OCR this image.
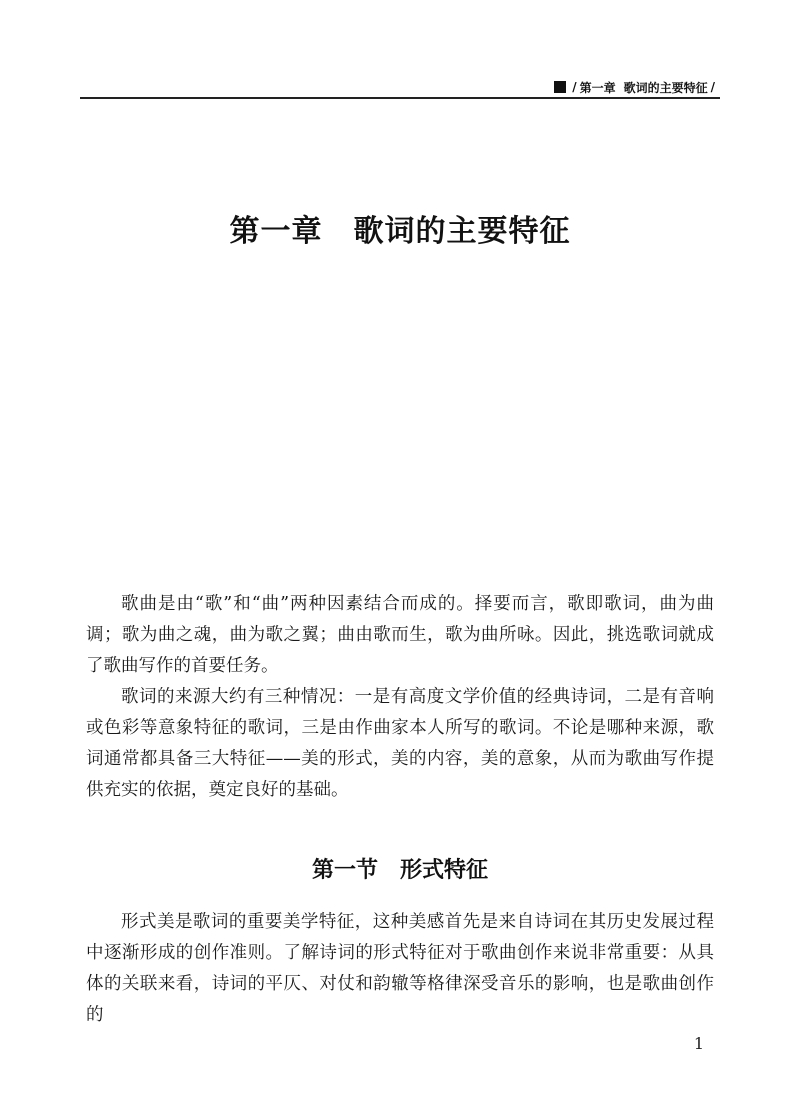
/ 第一章 歌词的主要特征 /
第一章　歌词的主要特征

歌曲是由“歌”和“曲”两种因素结合而成的。择要而言，歌即歌词，曲为曲调；歌为曲之魂，曲为歌之翼；曲由歌而生，歌为曲所咏。因此，挑选歌词就成了歌曲写作的首要任务。

歌词的来源大约有三种情况：一是有高度文学价值的经典诗词，二是有音响或色彩等意象特征的歌词，三是由作曲家本人所写的歌词。不论是哪种来源，歌词通常都具备三大特征——美的形式，美的内容，美的意象，从而为歌曲写作提供充实的依据，奠定良好的基础。

第一节　形式特征

形式美是歌词的重要美学特征，这种美感首先是来自诗词在其历史发展过程中逐渐形成的创作准则。了解诗词的形式特征对于歌曲创作来说非常重要：从具体的关联来看，诗词的平仄、对仗和韵辙等格律深受音乐的影响，也是歌曲创作的

1
